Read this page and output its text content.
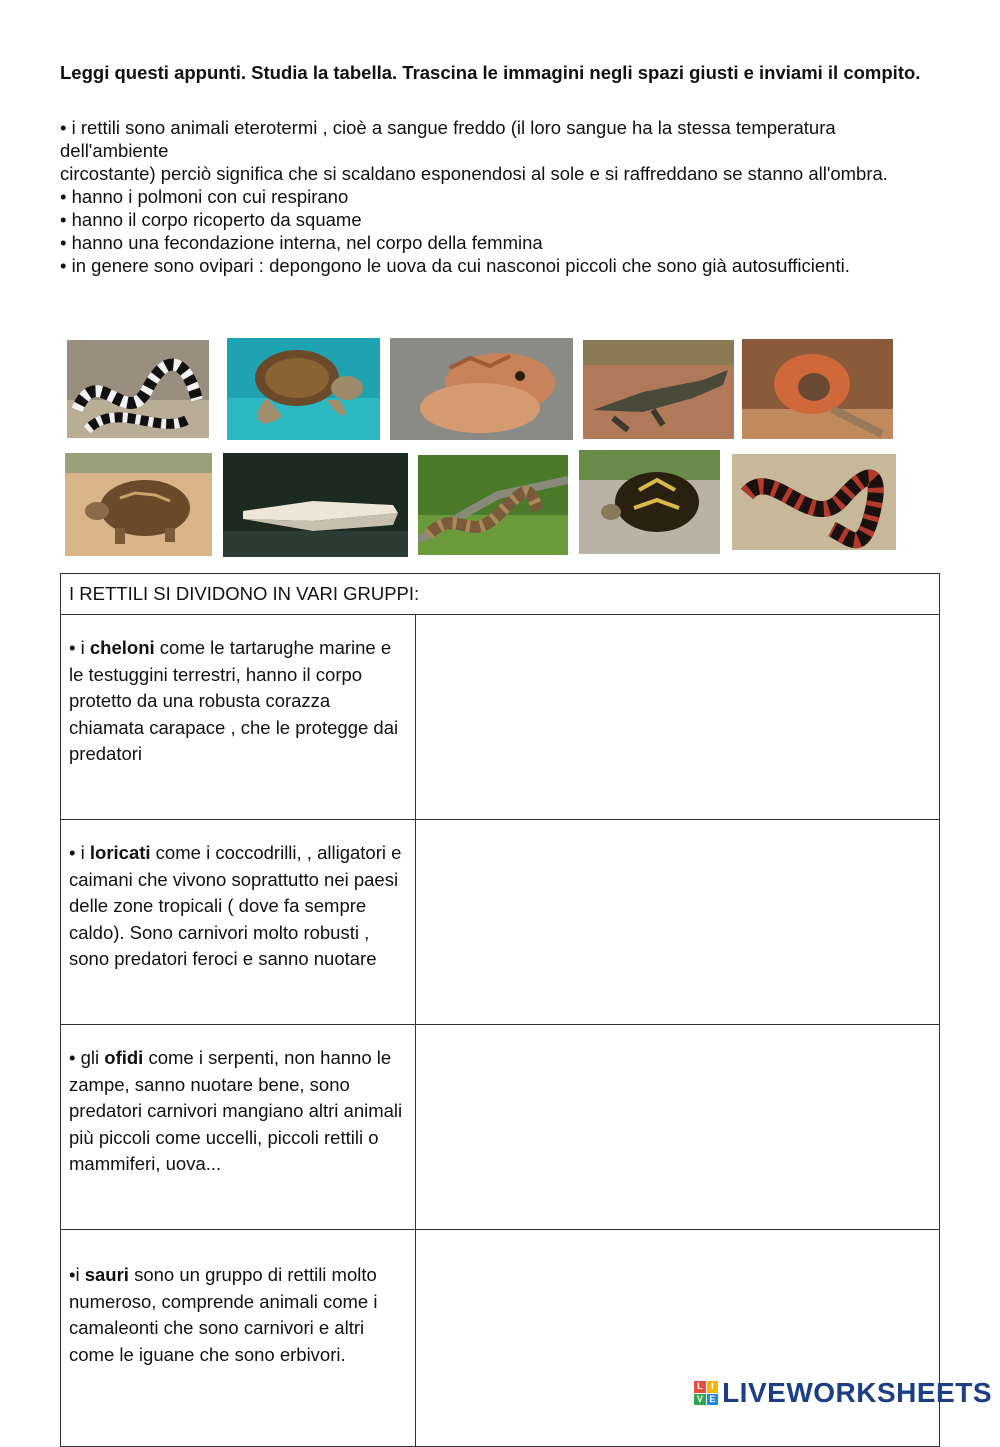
Leggi questi appunti. Studia la tabella. Trascina le immagini negli spazi giusti e inviami il compito.
• i rettili sono animali eterotermi , cioè a sangue freddo (il loro sangue ha la stessa temperatura dell'ambiente
circostante) perciò significa che si scaldano esponendosi al sole e si raffreddano se stanno all'ombra.
• hanno i polmoni con cui respirano
• hanno il corpo ricoperto da squame
• hanno una fecondazione interna, nel corpo della femmina
• in genere sono ovipari : depongono le uova da cui nasconoi piccoli che sono già autosufficienti.
I RETTILI SI DIVIDONO IN VARI GRUPPI:	
• i cheloni come le tartarughe marine e le testuggini terrestri, hanno il corpo protetto da una robusta corazza chiamata carapace , che le protegge dai predatori	
• i loricati come i coccodrilli, , alligatori e caimani che vivono soprattutto nei paesi delle zone tropicali ( dove fa sempre caldo). Sono carnivori molto robusti , sono predatori feroci e sanno nuotare	
• gli ofidi come i serpenti, non hanno le zampe, sanno nuotare bene, sono predatori carnivori mangiano altri animali più piccoli come uccelli, piccoli rettili o mammiferi, uova...	
•i sauri sono un gruppo di rettili molto numeroso, comprende animali come i camaleonti che sono carnivori e altri come le iguane che sono erbivori.	
L I
V E LIVEWORKSHEETS
